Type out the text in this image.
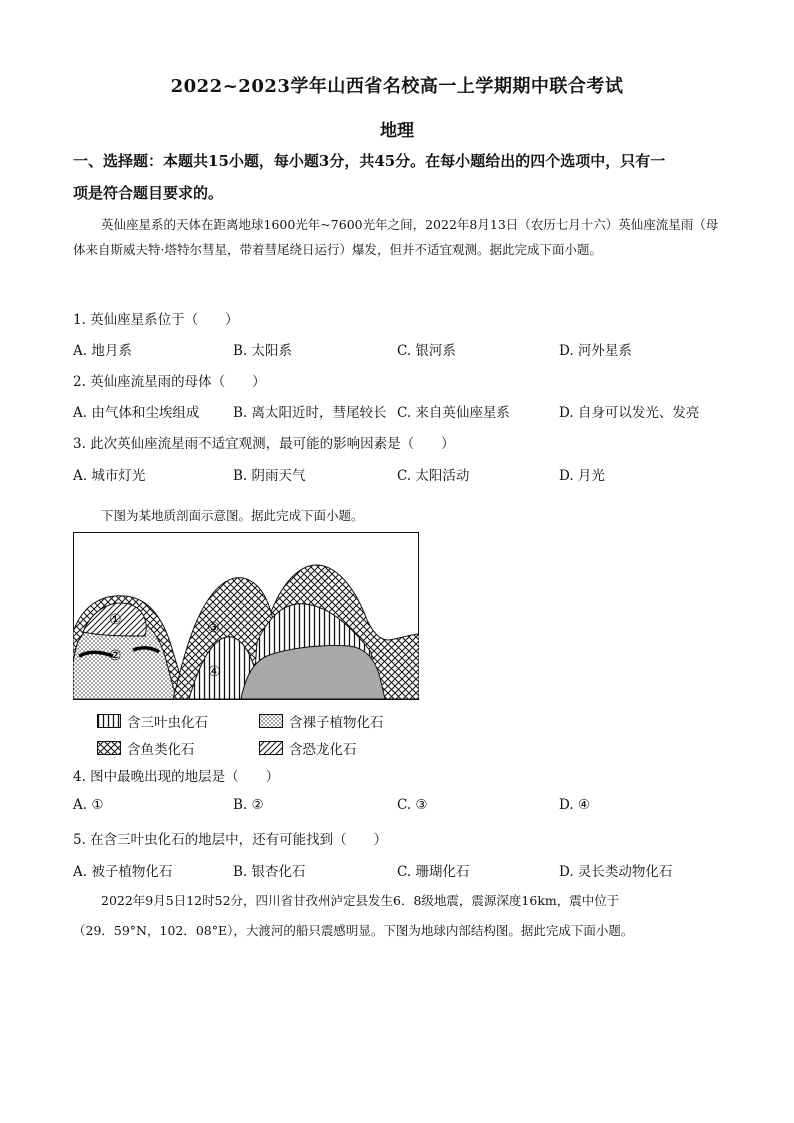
2022~2023学年山西省名校高一上学期期中联合考试
地理
一、选择题：本题共15小题，每小题3分，共45分。在每小题给出的四个选项中，只有一
项是符合题目要求的。
英仙座星系的天体在距离地球1600光年~7600光年之间，2022年8月13日（农历七月十六）英仙座流星雨（母体来自斯威夫特·塔特尔彗星，带着彗尾绕日运行）爆发，但并不适宜观测。据此完成下面小题。
1. 英仙座星系位于（　　）
A. 地月系	B. 太阳系	C. 银河系	D. 河外星系
2. 英仙座流星雨的母体（　　）
A. 由气体和尘埃组成 B. 离太阳近时，彗尾较长 C. 来自英仙座星系	D. 自身可以发光、发亮
3. 此次英仙座流星雨不适宜观测，最可能的影响因素是（　　）
A. 城市灯光	B. 阴雨天气	C. 太阳活动	D. 月光
下图为某地质剖面示意图。据此完成下面小题。
①
②
③
④
含三叶虫化石	含裸子植物化石
含鱼类化石	含恐龙化石
4. 图中最晚出现的地层是（　　）
A. ①	B. ②	C. ③	D. ④
5. 在含三叶虫化石的地层中，还有可能找到（　　）
A. 被子植物化石	B. 银杏化石	C. 珊瑚化石	D. 灵长类动物化石
2022年9月5日12时52分，四川省甘孜州泸定县发生6．8级地震，震源深度16km，震中位于
（29．59°N，102．08°E），大渡河的船只震感明显。下图为地球内部结构图。据此完成下面小题。
